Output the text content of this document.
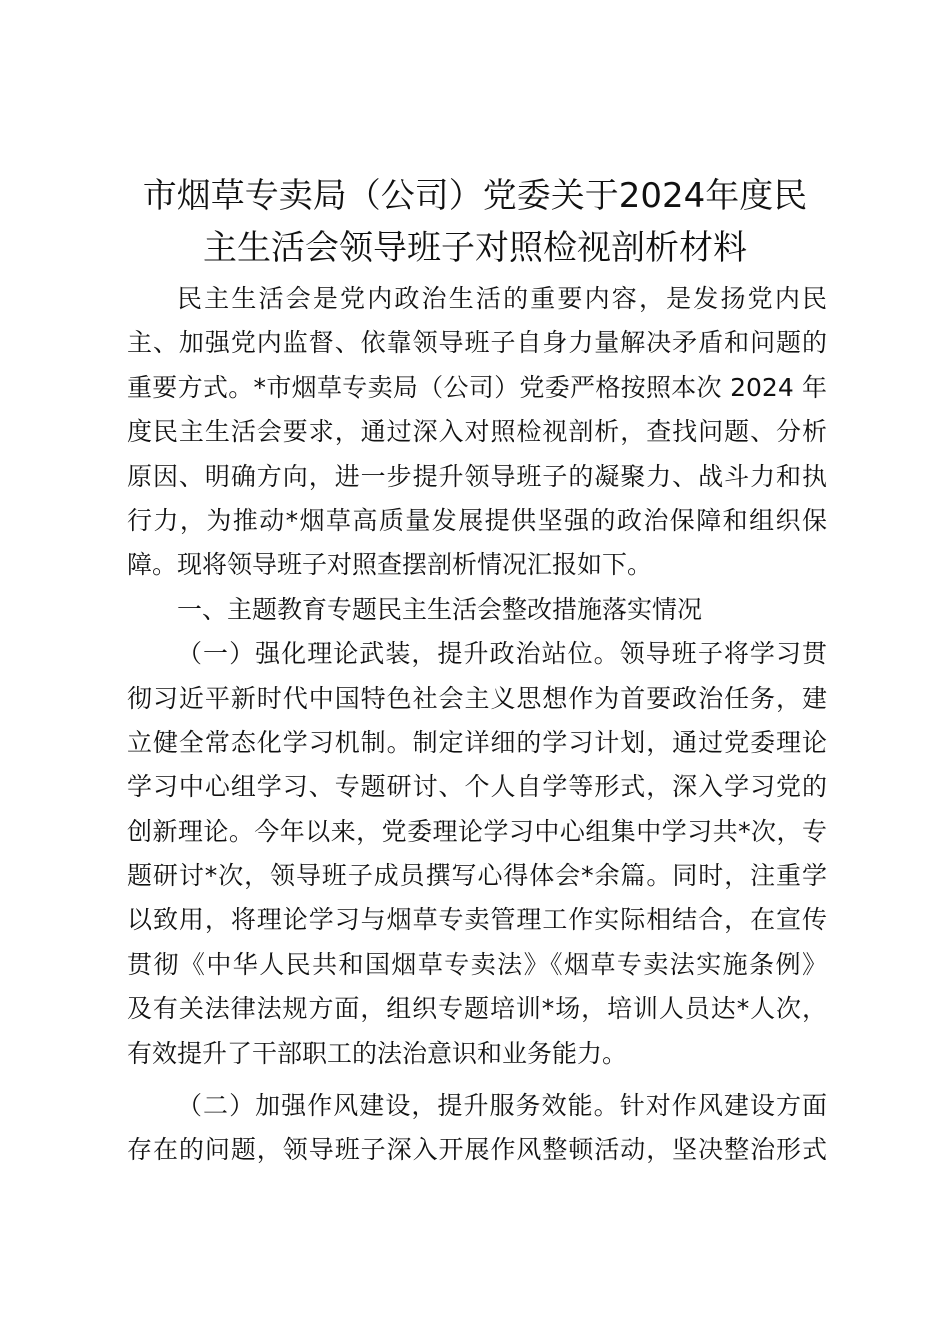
市烟草专卖局（公司）党委关于2024年度民
主生活会领导班子对照检视剖析材料
民主生活会是党内政治生活的重要内容，是发扬党内民
主、加强党内监督、依靠领导班子自身力量解决矛盾和问题的
重要方式。*市烟草专卖局（公司）党委严格按照本次 2024 年
度民主生活会要求，通过深入对照检视剖析，查找问题、分析
原因、明确方向，进一步提升领导班子的凝聚力、战斗力和执
行力，为推动*烟草高质量发展提供坚强的政治保障和组织保
障。现将领导班子对照查摆剖析情况汇报如下。
一、主题教育专题民主生活会整改措施落实情况
（一）强化理论武装，提升政治站位。领导班子将学习贯
彻习近平新时代中国特色社会主义思想作为首要政治任务，建
立健全常态化学习机制。制定详细的学习计划，通过党委理论
学习中心组学习、专题研讨、个人自学等形式，深入学习党的
创新理论。今年以来，党委理论学习中心组集中学习共*次，专
题研讨*次，领导班子成员撰写心得体会*余篇。同时，注重学
以致用，将理论学习与烟草专卖管理工作实际相结合，在宣传
贯彻《中华人民共和国烟草专卖法》《烟草专卖法实施条例》
及有关法律法规方面，组织专题培训*场，培训人员达*人次，
有效提升了干部职工的法治意识和业务能力。
（二）加强作风建设，提升服务效能。针对作风建设方面
存在的问题，领导班子深入开展作风整顿活动，坚决整治形式
